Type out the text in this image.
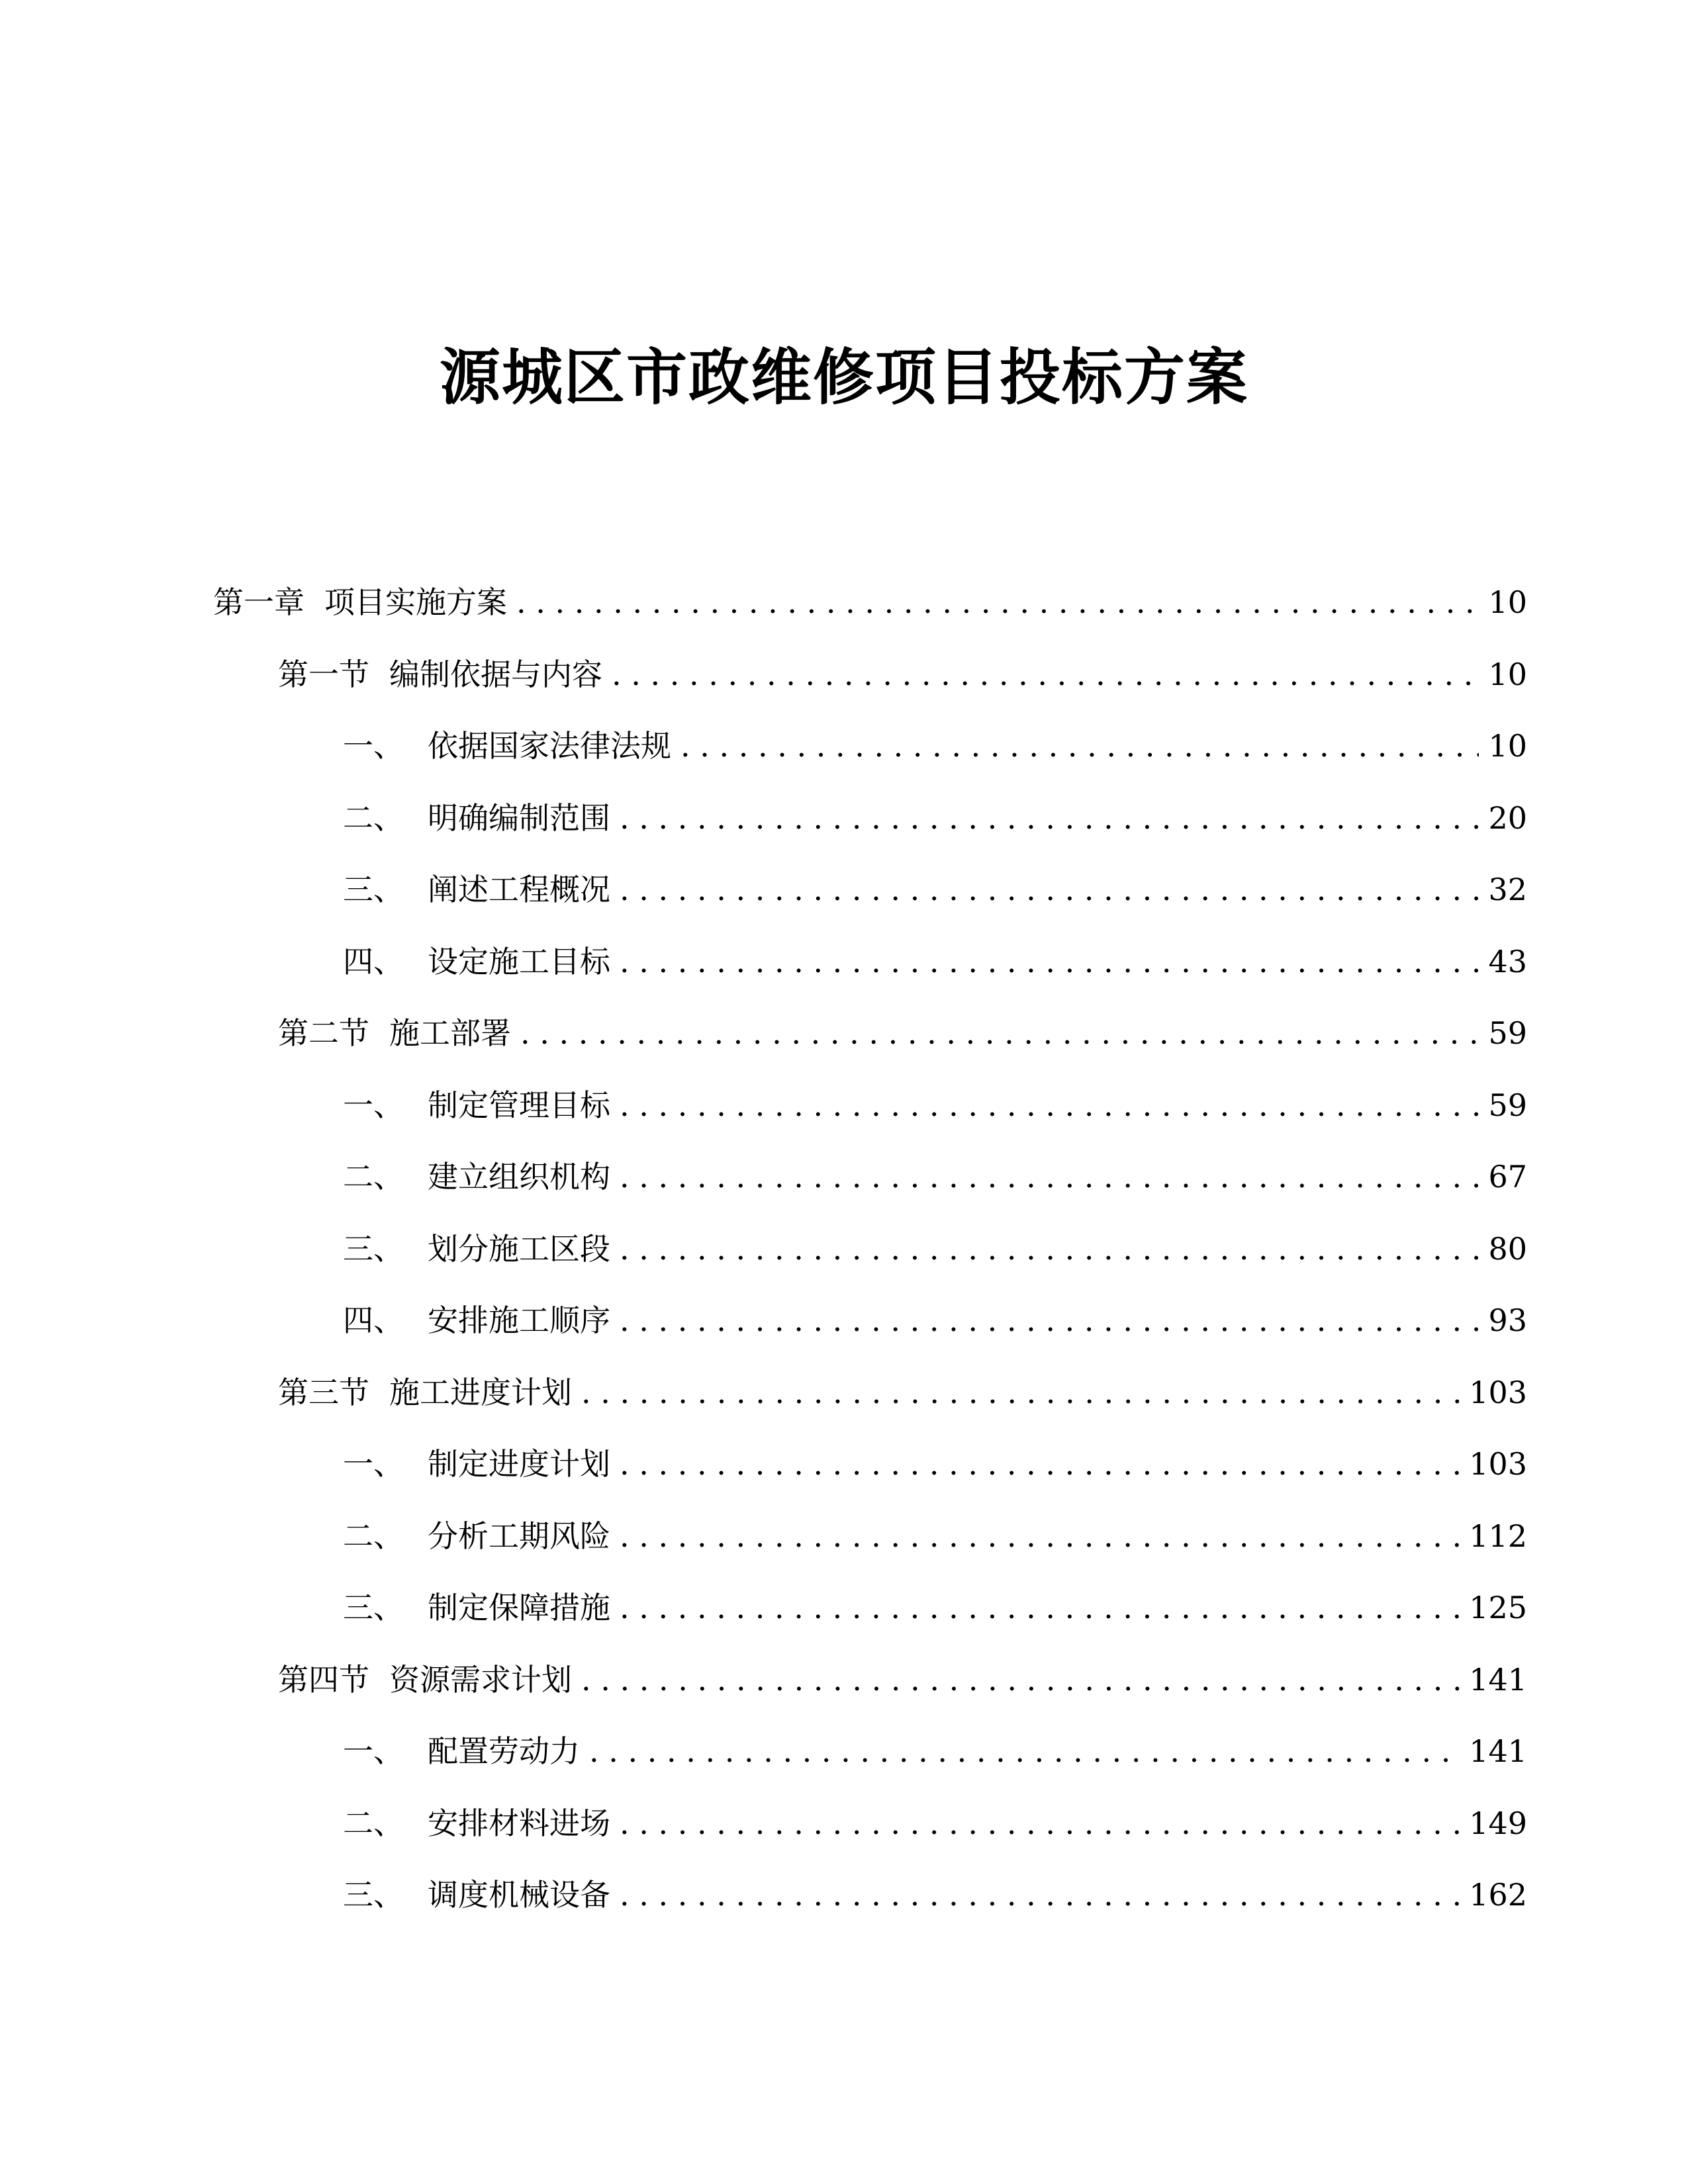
源城区市政维修项目投标方案
第一章 项目实施方案 . . .	10
第一节 编制依据与内容 . . .	10
一、 依据国家法律法规 . . .	10
二、 明确编制范围 . . .	20
三、 阐述工程概况 . . .	32
四、 设定施工目标 . . .	43
第二节 施工部署 . . .	59
一、 制定管理目标 . . .	59
二、 建立组织机构 . . .	67
三、 划分施工区段 . . .	80
四、 安排施工顺序 . . .	93
第三节 施工进度计划 . . .	103
一、 制定进度计划 . . .	103
二、 分析工期风险 . . .	112
三、 制定保障措施 . . .	125
第四节 资源需求计划 . . .	141
一、 配置劳动力 . . .	141
二、 安排材料进场 . . .	149
三、 调度机械设备 . . .	162
